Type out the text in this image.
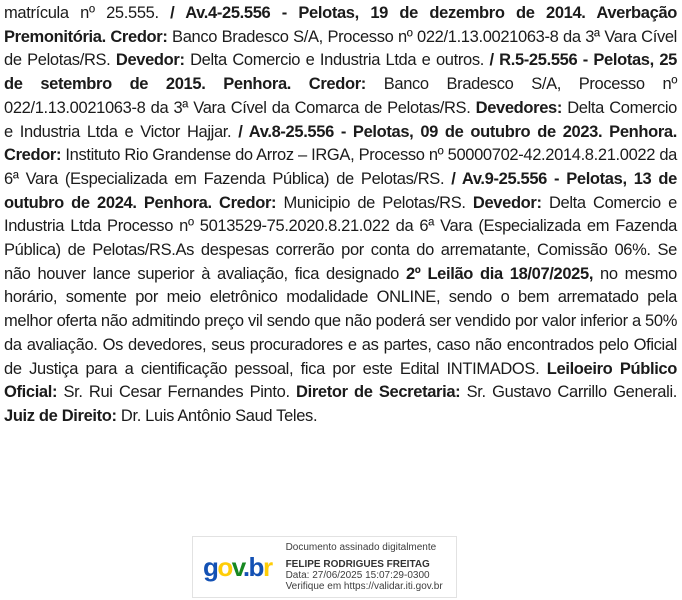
matrícula nº 25.555. / Av.4-25.556 - Pelotas, 19 de dezembro de 2014. Averbação Premonitória. Credor: Banco Bradesco S/A, Processo nº 022/1.13.0021063-8 da 3ª Vara Cível de Pelotas/RS. Devedor: Delta Comercio e Industria Ltda e outros. / R.5-25.556 - Pelotas, 25 de setembro de 2015. Penhora. Credor: Banco Bradesco S/A, Processo nº 022/1.13.0021063-8 da 3ª Vara Cível da Comarca de Pelotas/RS. Devedores: Delta Comercio e Industria Ltda e Victor Hajjar. / Av.8-25.556 - Pelotas, 09 de outubro de 2023. Penhora. Credor: Instituto Rio Grandense do Arroz – IRGA, Processo nº 50000702-42.2014.8.21.0022 da 6ª Vara (Especializada em Fazenda Pública) de Pelotas/RS. / Av.9-25.556 - Pelotas, 13 de outubro de 2024. Penhora. Credor: Municipio de Pelotas/RS. Devedor: Delta Comercio e Industria Ltda Processo nº 5013529-75.2020.8.21.022 da 6ª Vara (Especializada em Fazenda Pública) de Pelotas/RS.As despesas correrão por conta do arrematante, Comissão 06%. Se não houver lance superior à avaliação, fica designado 2º Leilão dia 18/07/2025, no mesmo horário, somente por meio eletrônico modalidade ONLINE, sendo o bem arrematado pela melhor oferta não admitindo preço vil sendo que não poderá ser vendido por valor inferior a 50% da avaliação. Os devedores, seus procuradores e as partes, caso não encontrados pelo Oficial de Justiça para a cientificação pessoal, fica por este Edital INTIMADOS. Leiloeiro Público Oficial: Sr. Rui Cesar Fernandes Pinto. Diretor de Secretaria: Sr. Gustavo Carrillo Generali. Juiz de Direito: Dr. Luis Antônio Saud Teles.

gov.br
Documento assinado digitalmente
FELIPE RODRIGUES FREITAG
Data: 27/06/2025 15:07:29-0300
Verifique em https://validar.iti.gov.br
